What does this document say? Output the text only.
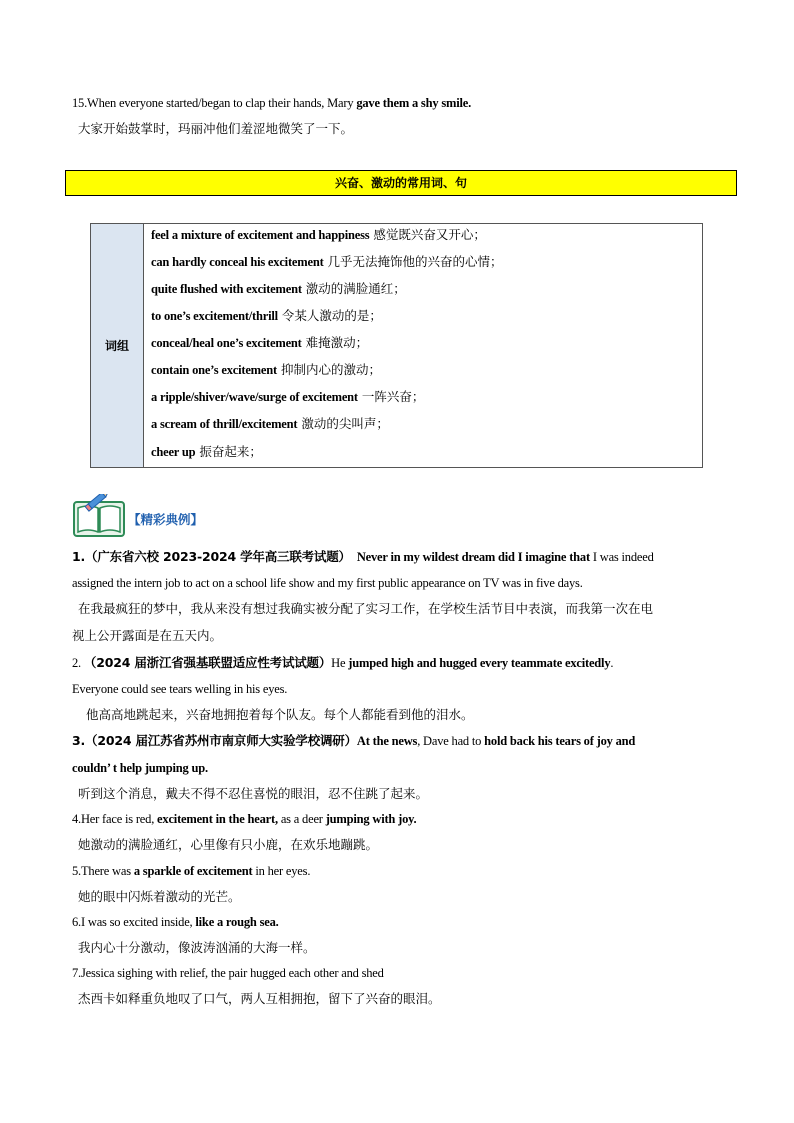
15.When everyone started/began to clap their hands, Mary gave them a shy smile.
大家开始鼓掌时，玛丽冲他们羞涩地微笑了一下。
兴奋、激动的常用词、句
词组
feel a mixture of excitement and happiness 感觉既兴奋又开心；
can hardly conceal his excitement 几乎无法掩饰他的兴奋的心情；
quite flushed with excitement 激动的满脸通红；
to one’s excitement/thrill 令某人激动的是；
conceal/heal one’s excitement 难掩激动；
contain one’s excitement 抑制内心的激动；
a ripple/shiver/wave/surge of excitement 一阵兴奋；
a scream of thrill/excitement 激动的尖叫声；
cheer up 振奋起来；
【精彩典例】
1.（广东省六校 2023-2024 学年高三联考试题） Never in my wildest dream did I imagine that I was indeed
assigned the intern job to act on a school life show and my first public appearance on TV was in five days.
在我最疯狂的梦中，我从来没有想过我确实被分配了实习工作，在学校生活节目中表演，而我第一次在电
视上公开露面是在五天内。
2. （2024 届浙江省强基联盟适应性考试试题）He jumped high and hugged every teammate excitedly.
Everyone could see tears welling in his eyes.
他高高地跳起来，兴奋地拥抱着每个队友。每个人都能看到他的泪水。
3.（2024 届江苏省苏州市南京师大实验学校调研）At the news, Dave had to hold back his tears of joy and
couldn’ t help jumping up.
听到这个消息，戴夫不得不忍住喜悦的眼泪，忍不住跳了起来。
4.Her face is red, excitement in the heart, as a deer jumping with joy.
她激动的满脸通红，心里像有只小鹿，在欢乐地蹦跳。
5.There was a sparkle of excitement in her eyes.
她的眼中闪烁着激动的光芒。
6.I was so excited inside, like a rough sea.
我内心十分激动，像波涛汹涌的大海一样。
7.Jessica sighing with relief, the pair hugged each other and shed
杰西卡如释重负地叹了口气，两人互相拥抱，留下了兴奋的眼泪。
